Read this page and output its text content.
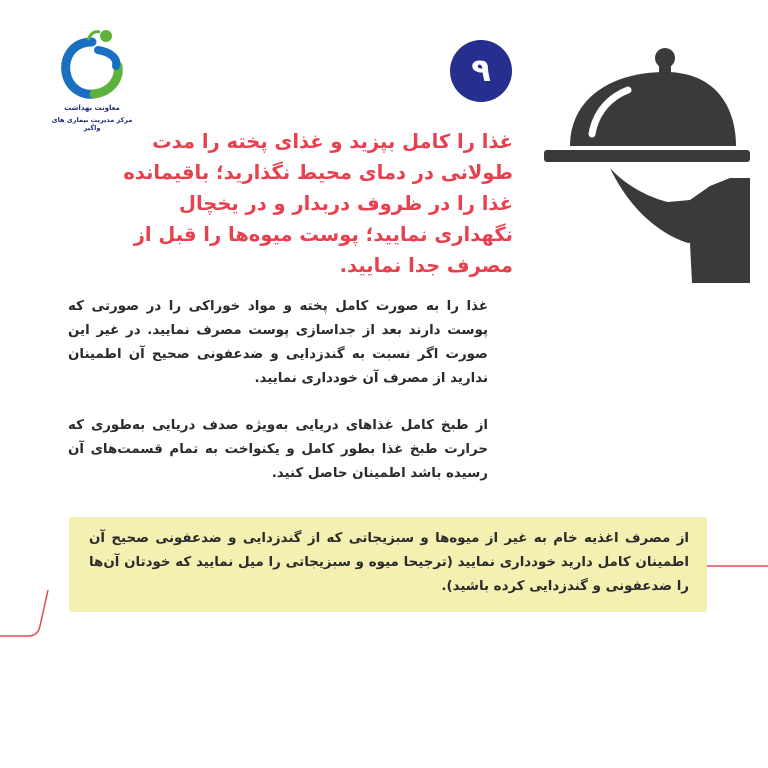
معاونت بهداشت
مرکز مدیریت بیماری های واگیر
۹
غذا را کامل بپزید و غذای پخته را مدت طولانی در دمای محیط نگذارید؛ باقیمانده غذا را در ظروف دربدار و در یخچال نگهداری نمایید؛ پوست میوه‌ها را قبل از مصرف جدا نمایید.
غذا را به صورت کامل پخته و مواد خوراکی را در صورتی که پوست دارند بعد از جداسازی پوست مصرف نمایید. در غیر این صورت اگر نسبت به گندزدایی و ضدعفونی صحیح آن اطمینان ندارید از مصرف آن خودداری نمایید.
از طبخ کامل غذاهای دریایی به‌ویژه صدف دریایی به‌طوری که حرارت طبخ غذا بطور کامل و یکنواخت به تمام قسمت‌های آن رسیده باشد اطمینان حاصل کنید.
از مصرف اغذیه خام به غیر از میوه‌ها و سبزیجاتی که از گندزدایی و ضدعفونی صحیح آن اطمینان کامل دارید خودداری نمایید (ترجیحا میوه و سبزیجاتی را میل نمایید که خودتان آن‌ها را ضدعفونی و گندزدایی کرده باشید).
